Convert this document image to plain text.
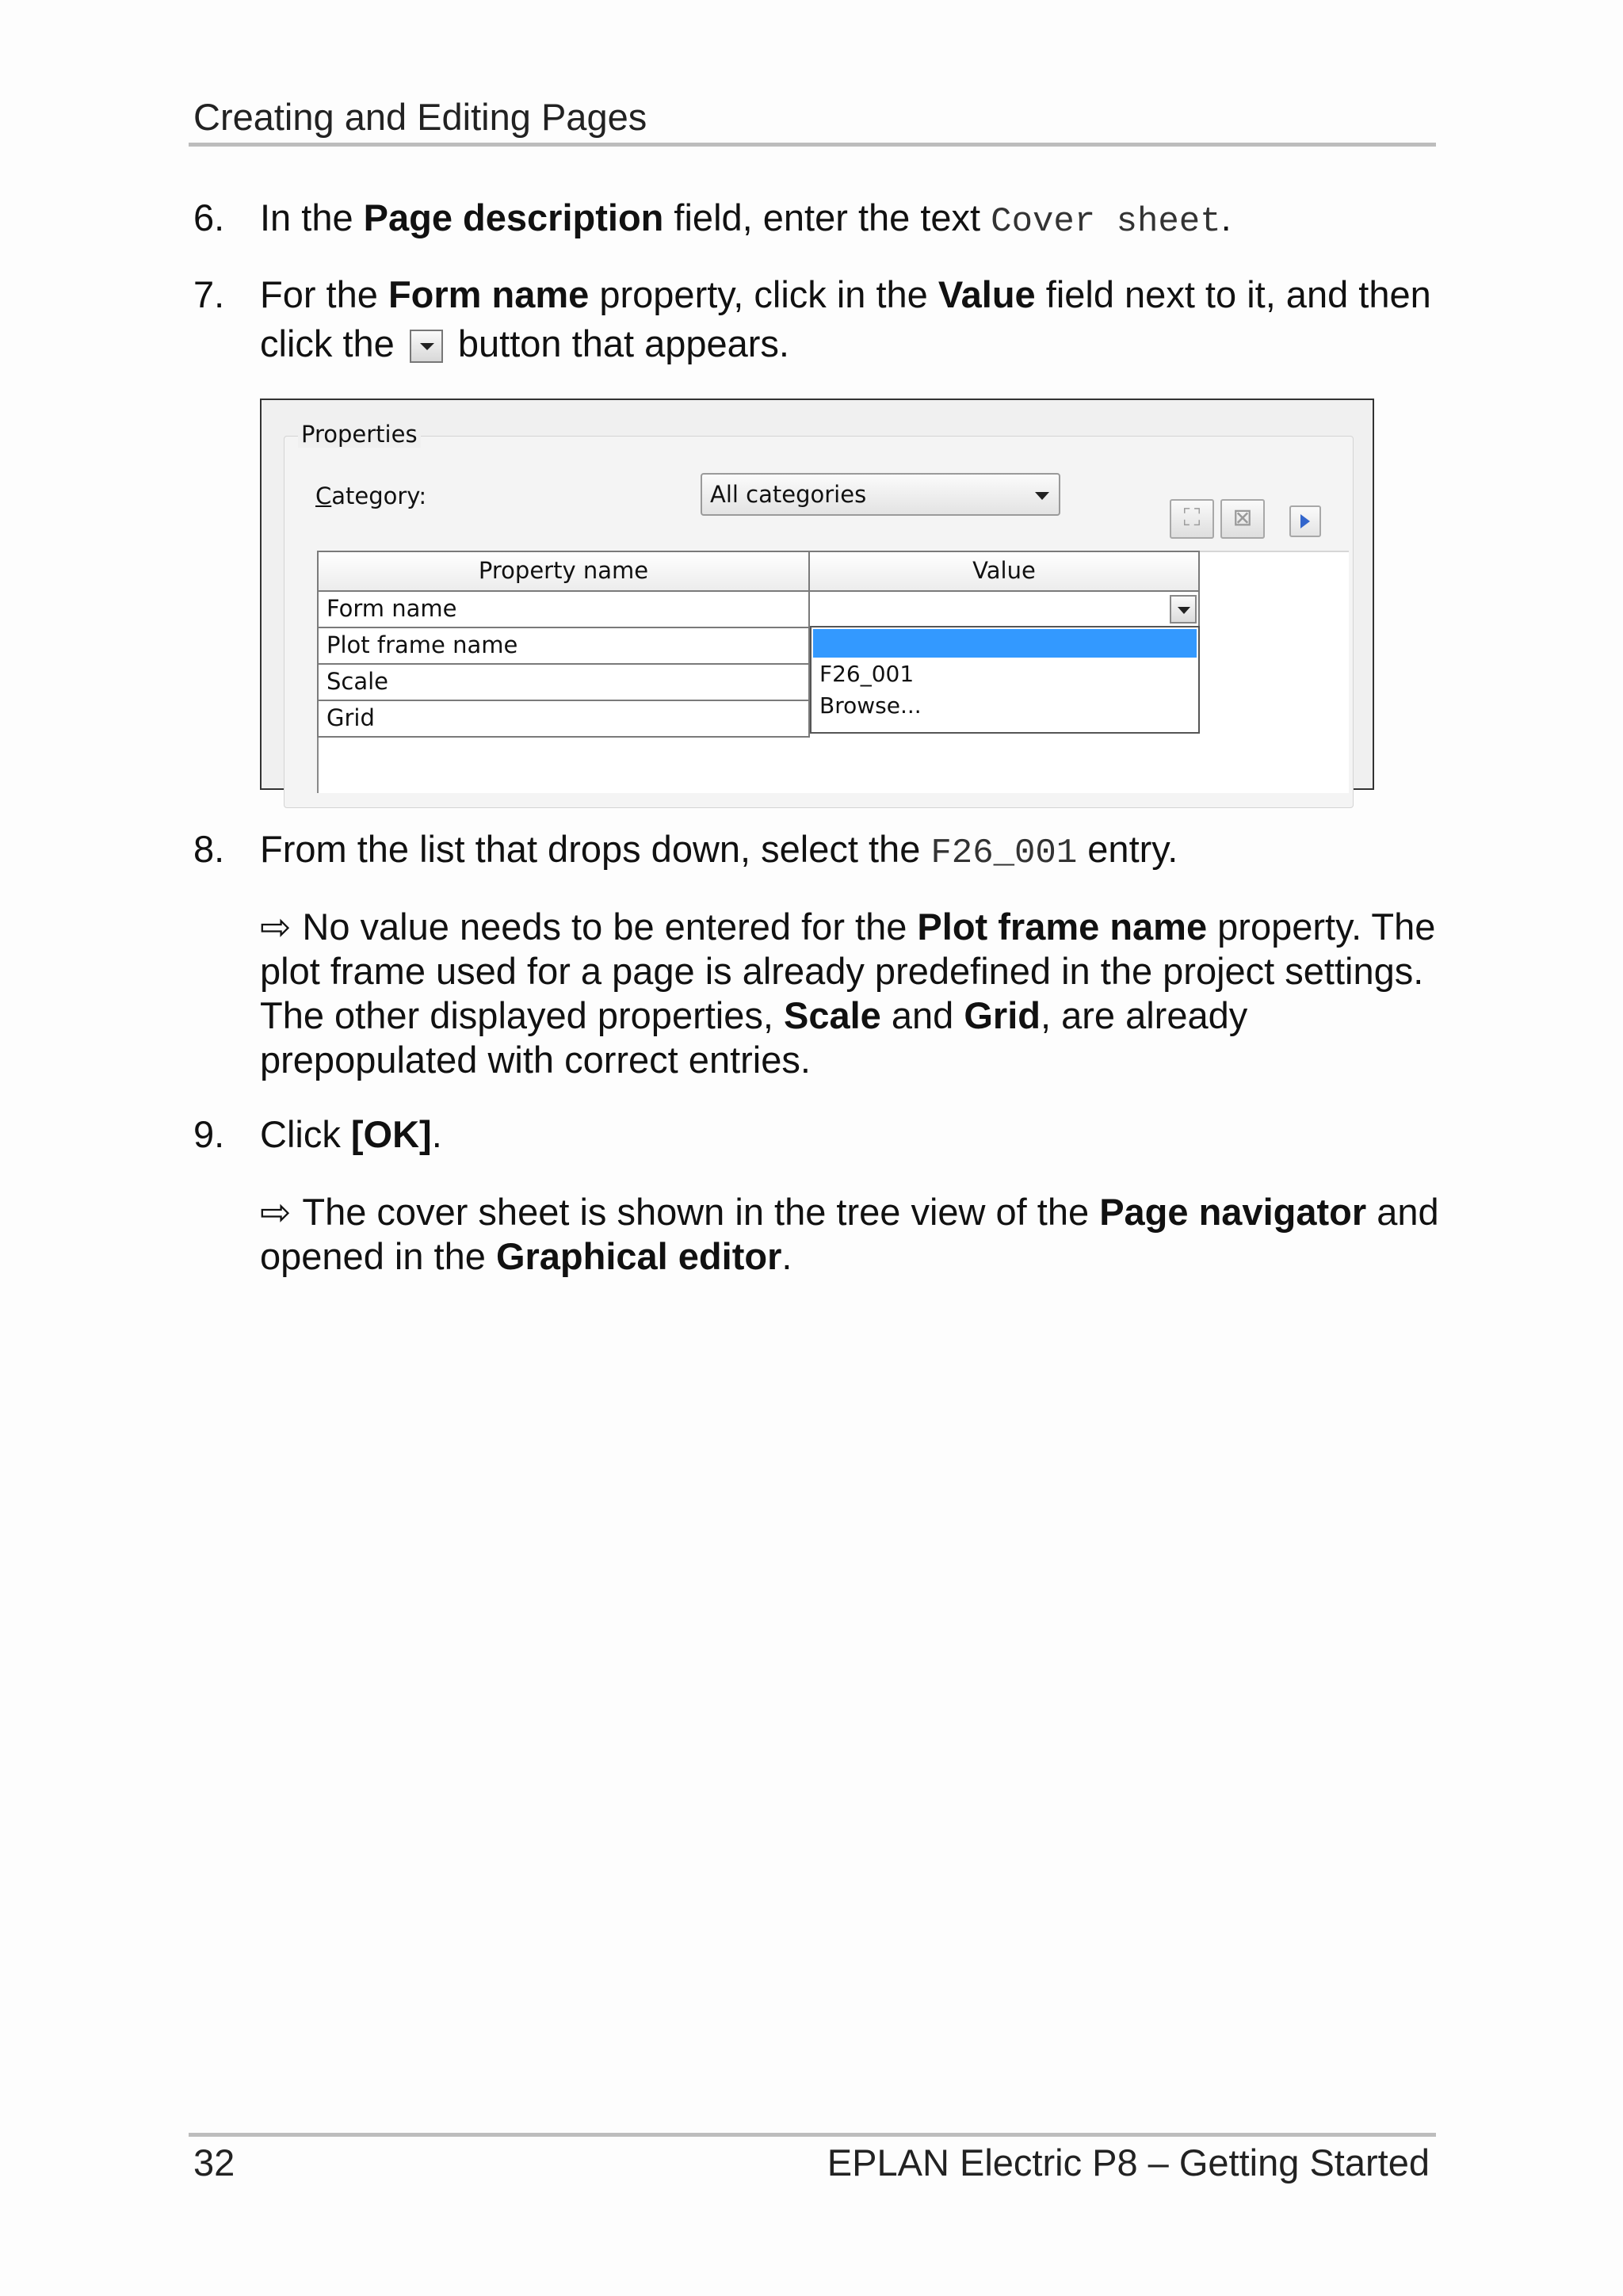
Creating and Editing Pages
6. In the Page description field, enter the text Cover sheet.
7. For the Form name property, click in the Value field next to it, and then click the  button that appears.
Properties
Category:	All categories
⛶	⊠
Property name	Value
Form name
Plot frame name
Scale
Grid
F26_001
Browse...
8. From the list that drops down, select the F26_001 entry.
⇨ No value needs to be entered for the Plot frame name property. The plot frame used for a page is already predefined in the project settings. The other displayed properties, Scale and Grid, are already prepopulated with correct entries.
9. Click [OK].
⇨ The cover sheet is shown in the tree view of the Page navigator and opened in the Graphical editor.
32	EPLAN Electric P8 – Getting Started
